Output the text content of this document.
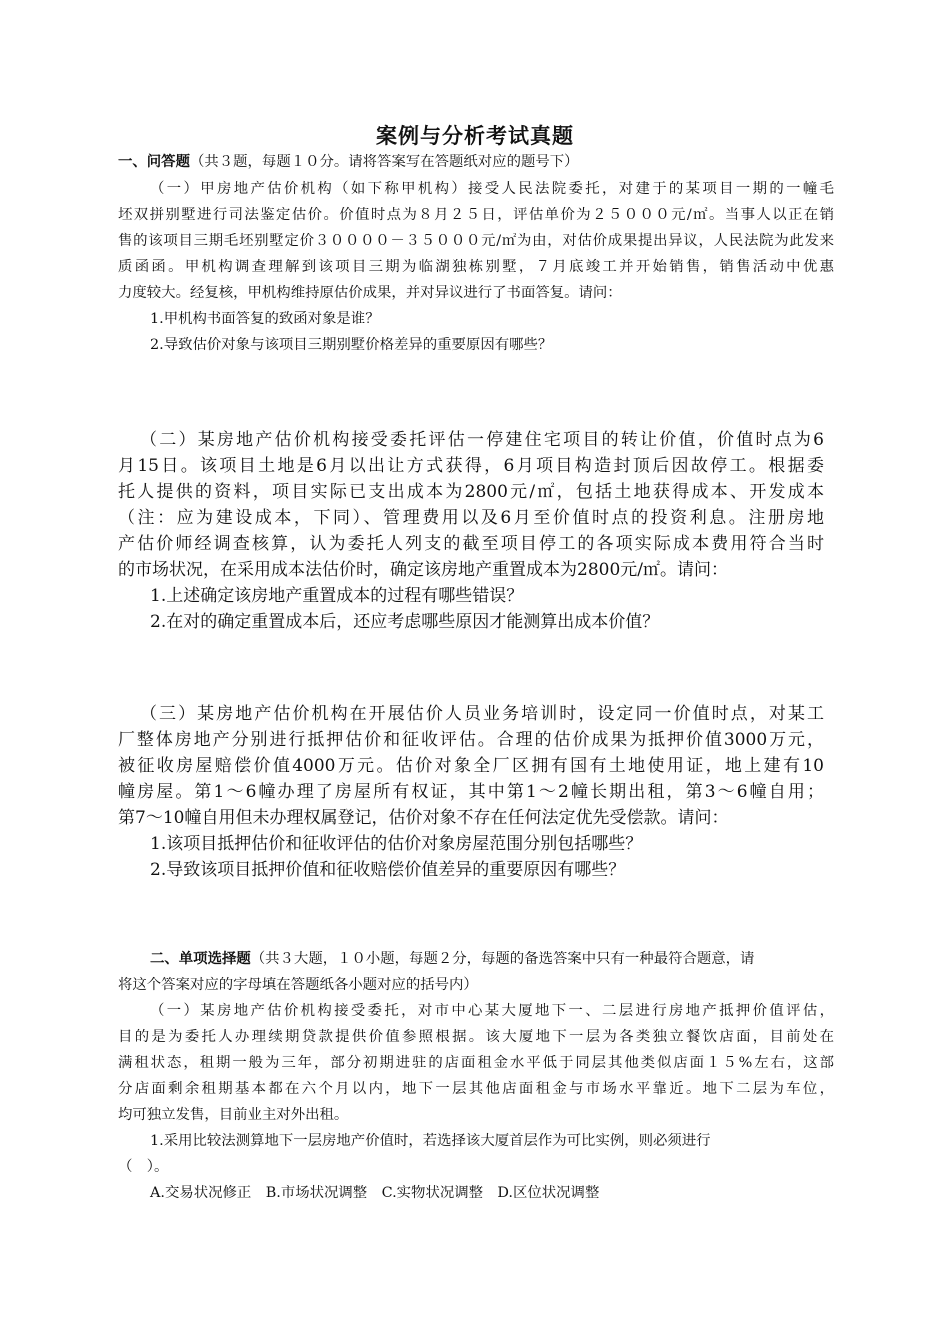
案例与分析考试真题
一、问答题（共３题，每题１０分。请将答案写在答题纸对应的题号下）
（一）甲房地产估价机构（如下称甲机构）接受人民法院委托，对建于的某项目一期的一幢毛
坯双拼别墅进行司法鉴定估价。价值时点为８月２５日，评估单价为２５０００元/㎡。当事人以正在销
售的该项目三期毛坯别墅定价３００００－３５０００元/㎡为由，对估价成果提出异议，人民法院为此发来
质函函。甲机构调查理解到该项目三期为临湖独栋别墅，７月底竣工并开始销售，销售活动中优惠
力度较大。经复核，甲机构维持原估价成果，并对异议进行了书面答复。请问：
1.甲机构书面答复的致函对象是谁？
2.导致估价对象与该项目三期别墅价格差异的重要原因有哪些？
（二）某房地产估价机构接受委托评估一停建住宅项目的转让价值，价值时点为6
月15日。该项目土地是6月以出让方式获得，6月项目构造封顶后因故停工。根据委
托人提供的资料，项目实际已支出成本为2800元/㎡，包括土地获得成本、开发成本
（注：应为建设成本，下同）、管理费用以及6月至价值时点的投资利息。注册房地
产估价师经调查核算，认为委托人列支的截至项目停工的各项实际成本费用符合当时
的市场状况，在采用成本法估价时，确定该房地产重置成本为2800元/㎡。请问：
1.上述确定该房地产重置成本的过程有哪些错误？
2.在对的确定重置成本后，还应考虑哪些原因才能测算出成本价值？
（三）某房地产估价机构在开展估价人员业务培训时，设定同一价值时点，对某工
厂整体房地产分别进行抵押估价和征收评估。合理的估价成果为抵押价值3000万元，
被征收房屋赔偿价值4000万元。估价对象全厂区拥有国有土地使用证，地上建有10
幢房屋。第1～6幢办理了房屋所有权证，其中第1～2幢长期出租，第3～6幢自用；
第7～10幢自用但未办理权属登记，估价对象不存在任何法定优先受偿款。请问：
1.该项目抵押估价和征收评估的估价对象房屋范围分别包括哪些？
2.导致该项目抵押价值和征收赔偿价值差异的重要原因有哪些？
二、单项选择题（共３大题，１０小题，每题２分，每题的备选答案中只有一种最符合题意，请
将这个答案对应的字母填在答题纸各小题对应的括号内）
（一）某房地产估价机构接受委托，对市中心某大厦地下一、二层进行房地产抵押价值评估，
目的是为委托人办理续期贷款提供价值参照根据。该大厦地下一层为各类独立餐饮店面，目前处在
满租状态，租期一般为三年，部分初期进驻的店面租金水平低于同层其他类似店面１５%左右，这部
分店面剩余租期基本都在六个月以内，地下一层其他店面租金与市场水平靠近。地下二层为车位，
均可独立发售，目前业主对外出租。
1.采用比较法测算地下一层房地产价值时，若选择该大厦首层作为可比实例，则必须进行
（　）。
A.交易状况修正　B.市场状况调整　C.实物状况调整　D.区位状况调整
